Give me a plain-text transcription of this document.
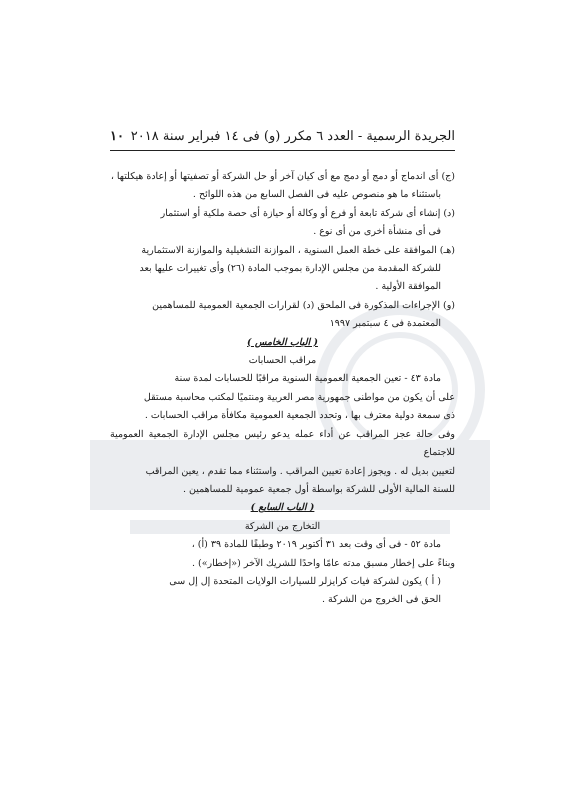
الجريدة الرسمية - العدد ٦ مكرر (و) فى ١٤ فبراير سنة ٢٠١٨
١٠

(ج) أى اندماج أو دمج أو دمج مع أى كيان آخر أو حل الشركة أو تصفيتها أو إعادة هيكلتها ،

باستثناء ما هو منصوص عليه فى الفصل السابع من هذه اللوائح .

(د) إنشاء أى شركة تابعة أو فرع أو وكالة أو حيازة أى حصة ملكية أو استثمار

فى أى منشأة أخرى من أى نوع .

(هـ) الموافقة على خطة العمل السنوية ، الموازنة التشغيلية والموازنة الاستثمارية

للشركة المقدمة من مجلس الإدارة بموجب المادة (٢٦) وأى تغييرات عليها بعد

الموافقة الأولية .

(و) الإجراءات المذكورة فى الملحق (د) لقرارات الجمعية العمومية للمساهمين

المعتمدة فى ٤ سبتمبر ١٩٩٧

( الباب الخامس )

مراقب الحسابات

مادة ٤٣ - تعين الجمعية العمومية السنوية مراقبًا للحسابات لمدة سنة

على أن يكون من مواطنى جمهورية مصر العربية ومنتميًا لمكتب محاسبة مستقل

ذى سمعة دولية معترف بها ، وتحدد الجمعية العمومية مكافأة مراقب الحسابات .

وفى حالة عجز المراقب عن أداء عمله يدعو رئيس مجلس الإدارة الجمعية العمومية للاجتماع

لتعيين بديل له . ويجوز إعادة تعيين المراقب . واستثناء مما تقدم ، يعين المراقب

للسنة المالية الأولى للشركة بواسطة أول جمعية عمومية للمساهمين .

( الباب السابع )

التخارج من الشركة

مادة ٥٢ - فى أى وقت بعد ٣١ أكتوبر ٢٠١٩ وطبقًا للمادة ٣٩ (أ) ،

وبناءً على إخطار مسبق مدته عامًا واحدًا للشريك الآخر («إخطار») .

( أ ) يكون لشركة فيات كرايزلر للسيارات الولايات المتحدة إل إل سى

الحق فى الخروج من الشركة .
